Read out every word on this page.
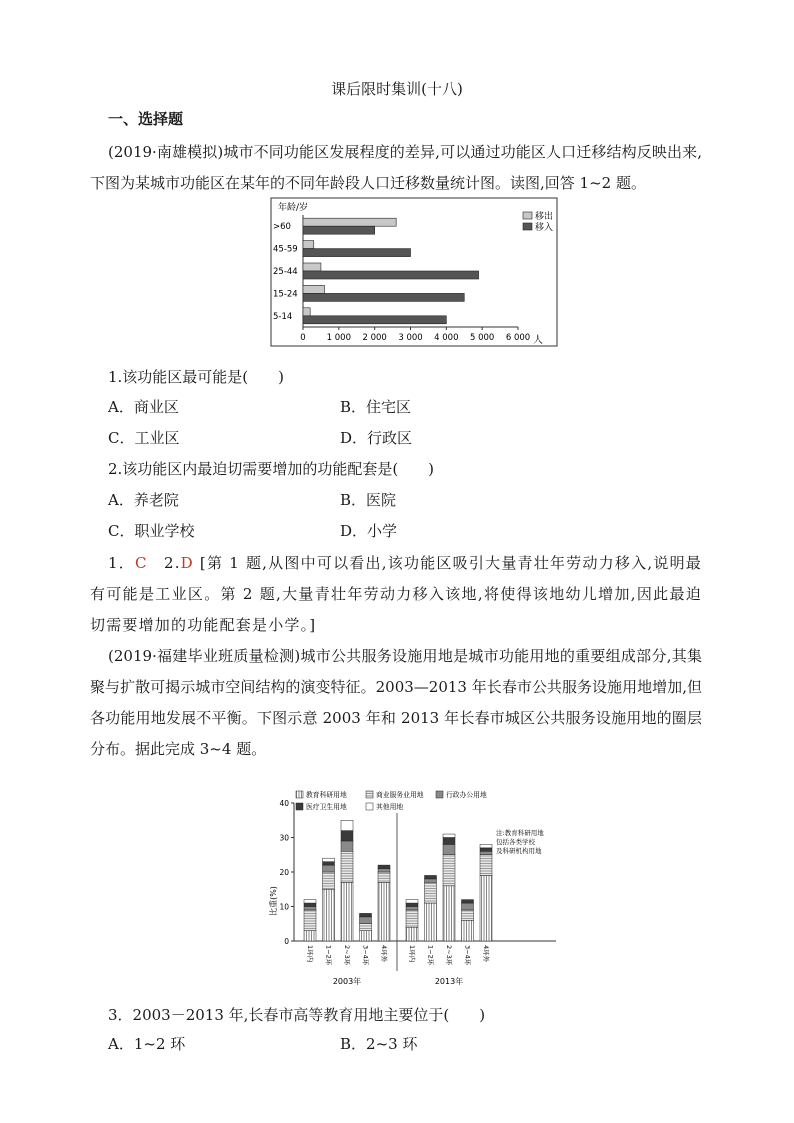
课后限时集训(十八)
一、选择题
(2019·南雄模拟)城市不同功能区发展程度的差异,可以通过功能区人口迁移结构反映出来,下图为某城市功能区在某年的不同年龄段人口迁移数量统计图。读图,回答 1~2 题。
年龄/岁
人
移出
移入
0 1 000 2 000 3 000 4 000 5 000 6 000
>60
45-59
25-44
15-24
5-14
1.该功能区最可能是(　　)
A．商业区	B．住宅区
C．工业区	D．行政区
2.该功能区内最迫切需要增加的功能配套是(　　)
A．养老院	B．医院
C．职业学校	D．小学
1．C　 2.D [第 1 题,从图中可以看出,该功能区吸引大量青壮年劳动力移入,说明最有可能是工业区。第 2 题,大量青壮年劳动力移入该地,将使得该地幼儿增加,因此最迫切需要增加的功能配套是小学。]
(2019·福建毕业班质量检测)城市公共服务设施用地是城市功能用地的重要组成部分,其集聚与扩散可揭示城市空间结构的演变特征。2003—2013 年长春市公共服务设施用地增加,但各功能用地发展不平衡。下图示意 2003 年和 2013 年长春市城区公共服务设施用地的圈层分布。据此完成 3~4 题。
比重(%)
教育科研用地	商业服务业用地	行政办公用地
医疗卫生用地	其他用地
0
10
20
30
40
1环内 1~2环 2~3环 3~4环 4环外
2003年
1环内 1~2环 2~3环 3~4环 4环外
2013年
注:教育科研用地
包括各类学校
及科研机构用地
3．2003－2013 年,长春市高等教育用地主要位于(　　)
A．1~2 环	B．2~3 环
